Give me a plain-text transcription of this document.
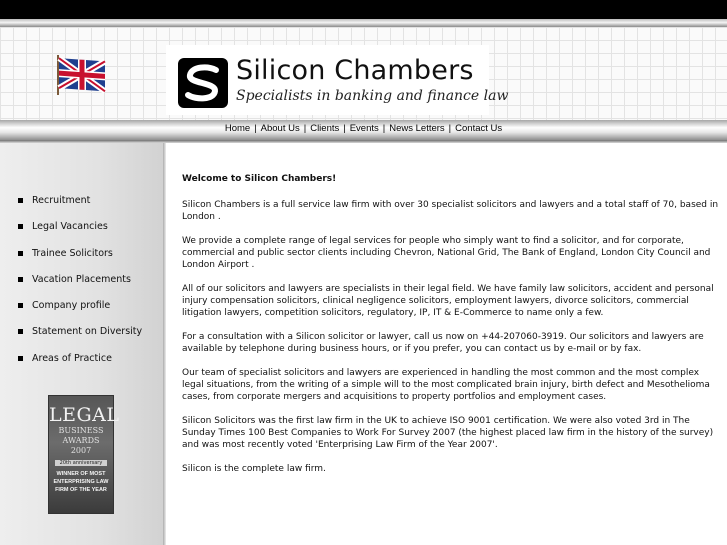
Silicon Chambers
Specialists in banking and finance law
Home | About Us | Clients | Events | News Letters | Contact Us
Recruitment
Legal Vacancies
Trainee Solicitors
Vacation Placements
Company profile
Statement on Diversity
Areas of Practice
LEGAL
BUSINESS
AWARDS
2007
20th anniversary
WINNER OF MOST ENTERPRISING LAW FIRM OF THE YEAR
Welcome to Silicon Chambers!

Silicon Chambers is a full service law firm with over 30 specialist solicitors and lawyers and a total staff of 70, based in London .

We provide a complete range of legal services for people who simply want to find a solicitor, and for corporate, commercial and public sector clients including Chevron, National Grid, The Bank of England, London City Council and London Airport .

All of our solicitors and lawyers are specialists in their legal field. We have family law solicitors, accident and personal injury compensation solicitors, clinical negligence solicitors, employment lawyers, divorce solicitors, commercial litigation lawyers, competition solicitors, regulatory, IP, IT & E-Commerce to name only a few.

For a consultation with a Silicon solicitor or lawyer, call us now on +44-207060-3919. Our solicitors and lawyers are available by telephone during business hours, or if you prefer, you can contact us by e-mail or by fax.

Our team of specialist solicitors and lawyers are experienced in handling the most common and the most complex legal situations, from the writing of a simple will to the most complicated brain injury, birth defect and Mesothelioma cases, from corporate mergers and acquisitions to property portfolios and employment cases.

Silicon Solicitors was the first law firm in the UK to achieve ISO 9001 certification. We were also voted 3rd in The Sunday Times 100 Best Companies to Work For Survey 2007 (the highest placed law firm in the history of the survey) and was most recently voted 'Enterprising Law Firm of the Year 2007'.

Silicon is the complete law firm.
